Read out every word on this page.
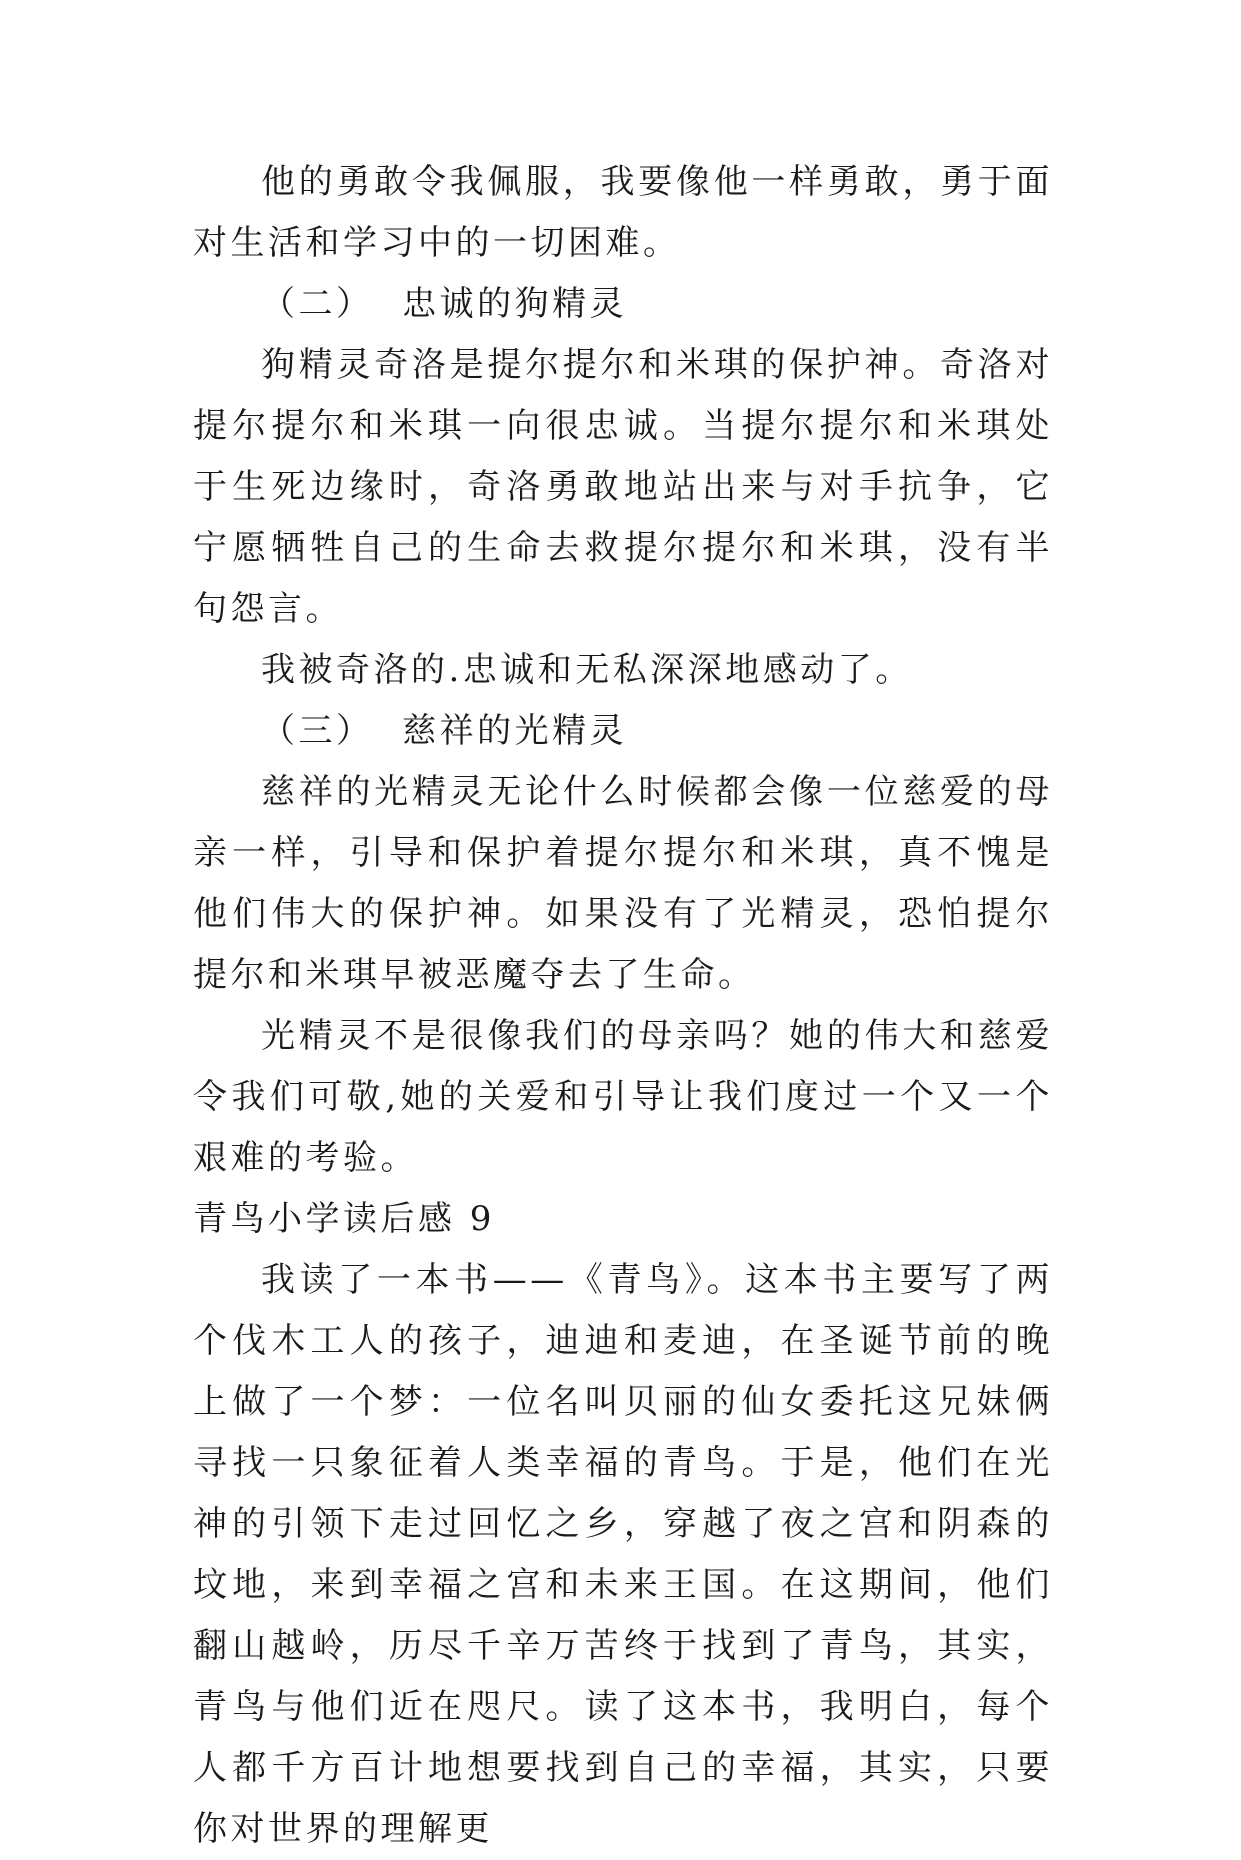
他的勇敢令我佩服，我要像他一样勇敢，勇于面对生活和学习中的一切困难。

（二）  忠诚的狗精灵

狗精灵奇洛是提尔提尔和米琪的保护神。奇洛对提尔提尔和米琪一向很忠诚。当提尔提尔和米琪处于生死边缘时，奇洛勇敢地站出来与对手抗争，它宁愿牺牲自己的生命去救提尔提尔和米琪，没有半句怨言。

我被奇洛的.忠诚和无私深深地感动了。

（三）  慈祥的光精灵

慈祥的光精灵无论什么时候都会像一位慈爱的母亲一样，引导和保护着提尔提尔和米琪，真不愧是他们伟大的保护神。如果没有了光精灵，恐怕提尔提尔和米琪早被恶魔夺去了生命。

光精灵不是很像我们的母亲吗？她的伟大和慈爱令我们可敬,她的关爱和引导让我们度过一个又一个艰难的考验。

青鸟小学读后感 9

我读了一本书——《青鸟》。这本书主要写了两个伐木工人的孩子，迪迪和麦迪，在圣诞节前的晚上做了一个梦：一位名叫贝丽的仙女委托这兄妹俩寻找一只象征着人类幸福的青鸟。于是，他们在光神的引领下走过回忆之乡，穿越了夜之宫和阴森的坟地，来到幸福之宫和未来王国。在这期间，他们翻山越岭，历尽千辛万苦终于找到了青鸟，其实，青鸟与他们近在咫尺。读了这本书，我明白，每个人都千方百计地想要找到自己的幸福，其实，只要你对世界的理解更
